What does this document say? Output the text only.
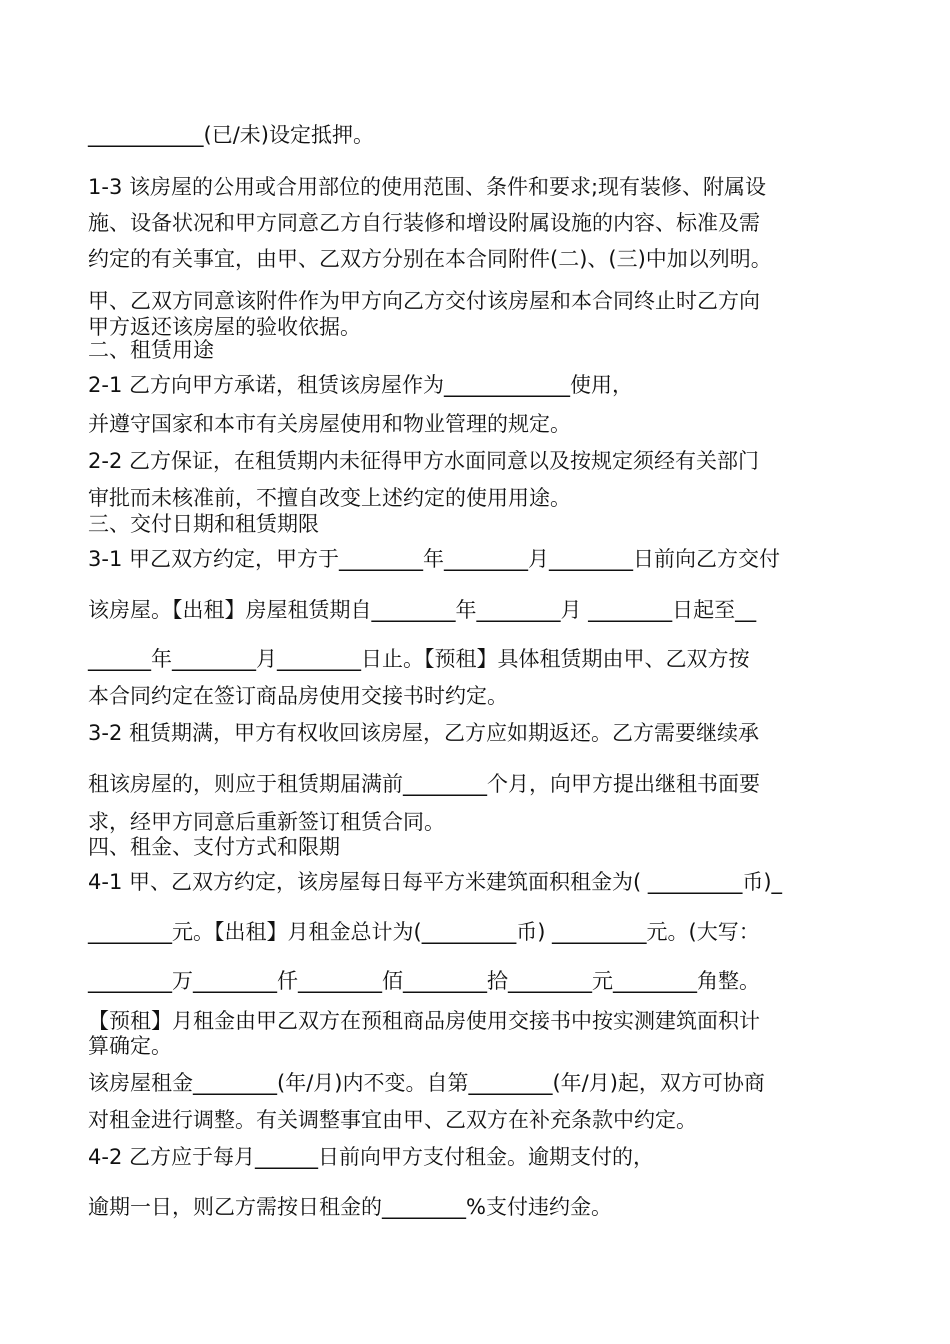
___________(已/未)设定抵押。
1-3 该房屋的公用或合用部位的使用范围、条件和要求;现有装修、附属设
施、设备状况和甲方同意乙方自行装修和增设附属设施的内容、标准及需
约定的有关事宜，由甲、乙双方分别在本合同附件(二)、(三)中加以列明。
甲、乙双方同意该附件作为甲方向乙方交付该房屋和本合同终止时乙方向
甲方返还该房屋的验收依据。
二、租赁用途
2-1 乙方向甲方承诺，租赁该房屋作为____________使用，
并遵守国家和本市有关房屋使用和物业管理的规定。
2-2 乙方保证，在租赁期内未征得甲方水面同意以及按规定须经有关部门
审批而未核准前，不擅自改变上述约定的使用用途。
三、交付日期和租赁期限
3-1 甲乙双方约定，甲方于________年________月________日前向乙方交付
该房屋。【出租】房屋租赁期自________年________月 ________日起至__
______年________月________日止。【预租】具体租赁期由甲、乙双方按
本合同约定在签订商品房使用交接书时约定。
3-2 租赁期满，甲方有权收回该房屋，乙方应如期返还。乙方需要继续承
租该房屋的，则应于租赁期届满前________个月，向甲方提出继租书面要
求，经甲方同意后重新签订租赁合同。
四、租金、支付方式和限期
4-1 甲、乙双方约定，该房屋每日每平方米建筑面积租金为( _________币)_
________元。【出租】月租金总计为(_________币) _________元。(大写：
________万________仟________佰________拾________元________角整。
【预租】月租金由甲乙双方在预租商品房使用交接书中按实测建筑面积计
算确定。
该房屋租金________(年/月)内不变。自第________(年/月)起，双方可协商
对租金进行调整。有关调整事宜由甲、乙双方在补充条款中约定。
4-2 乙方应于每月______日前向甲方支付租金。逾期支付的，
逾期一日，则乙方需按日租金的________%支付违约金。
